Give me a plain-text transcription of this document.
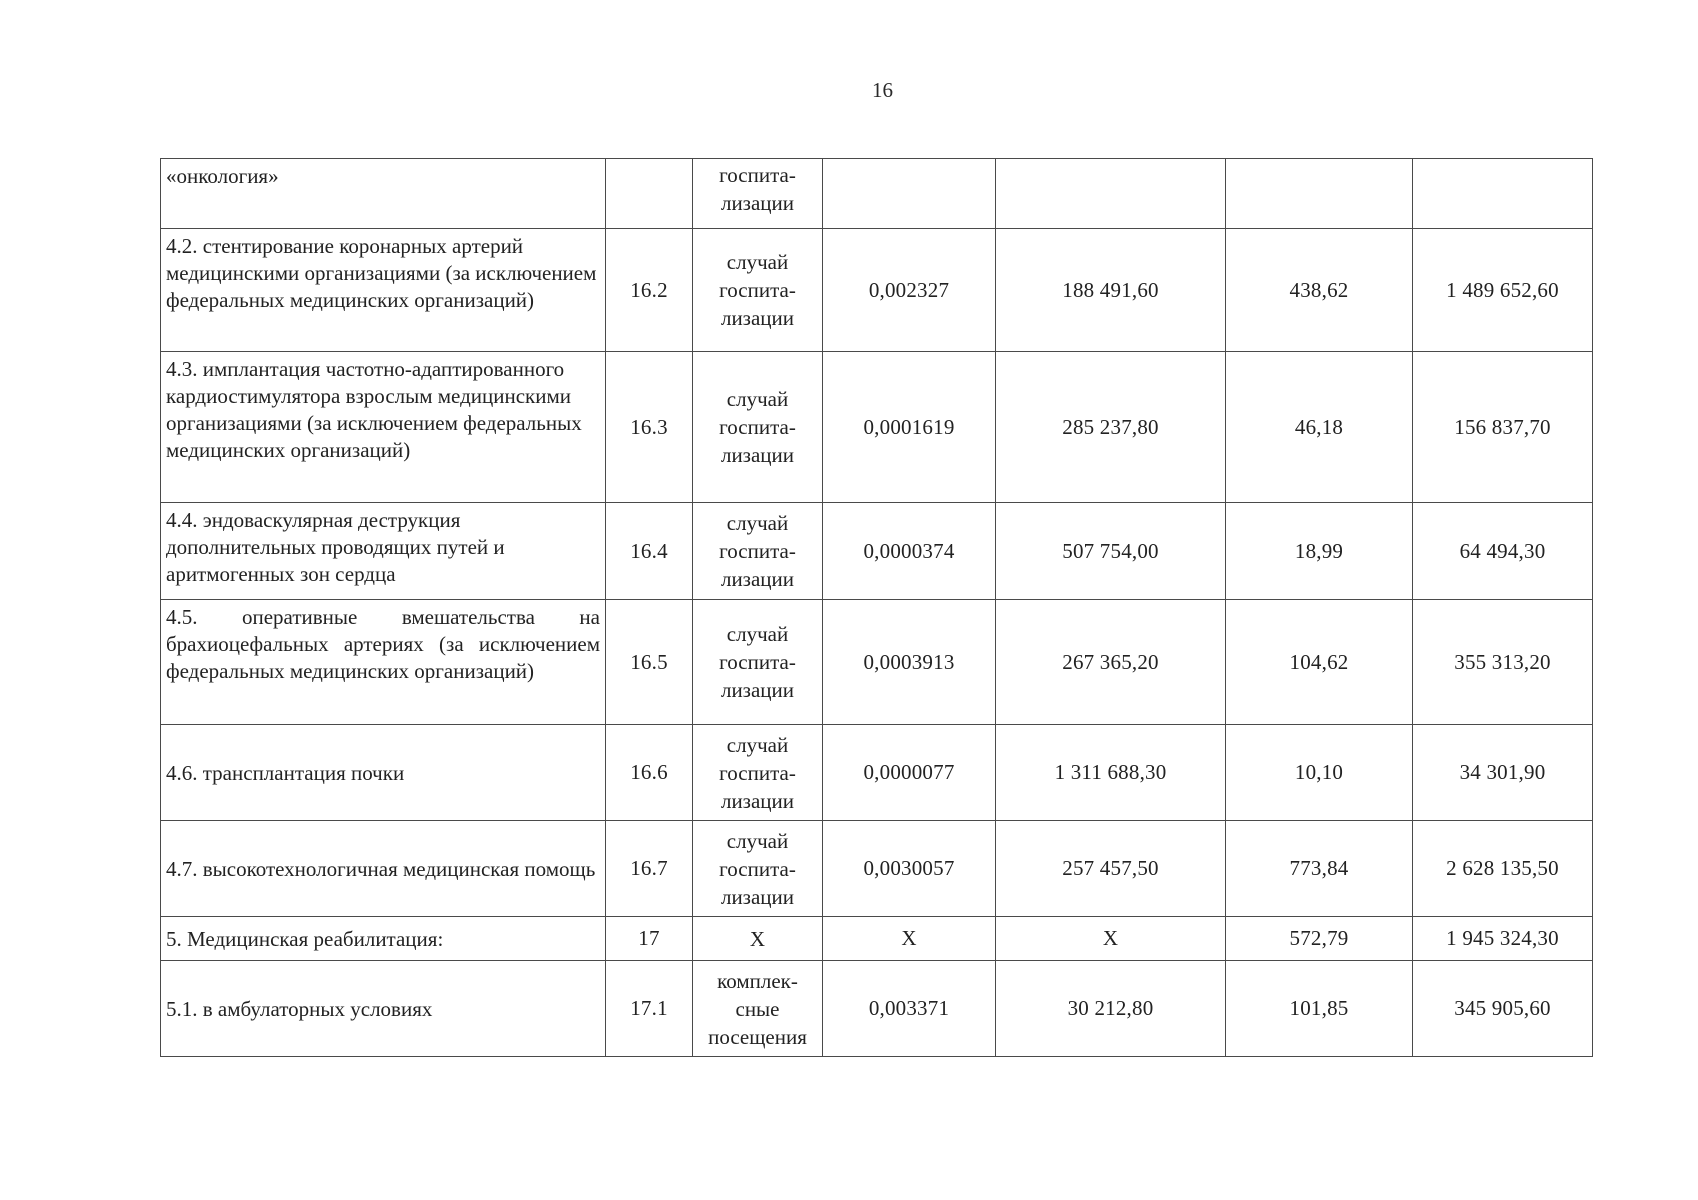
16
«онкология»		госпита-
лизации				
4.2. стентирование коронарных артерий медицинскими организациями (за исключением федеральных медицинских организаций)	16.2	случай
госпита-
лизации	0,002327	188 491,60	438,62	1 489 652,60
4.3. имплантация частотно-адаптированного кардиостимулятора взрослым медицинскими организациями (за исключением федеральных медицинских организаций)	16.3	случай
госпита-
лизации	0,0001619	285 237,80	46,18	156 837,70
4.4. эндоваскулярная деструкция дополнительных проводящих путей и аритмогенных зон сердца	16.4	случай
госпита-
лизации	0,0000374	507 754,00	18,99	64 494,30
4.5. оперативные вмешательства на брахиоцефальных артериях (за исключением федеральных медицинских организаций)	16.5	случай
госпита-
лизации	0,0003913	267 365,20	104,62	355 313,20
4.6. трансплантация почки	16.6	случай
госпита-
лизации	0,0000077	1 311 688,30	10,10	34 301,90
4.7. высокотехнологичная медицинская помощь	16.7	случай
госпита-
лизации	0,0030057	257 457,50	773,84	2 628 135,50
5. Медицинская реабилитация:	17	X	X	X	572,79	1 945 324,30
5.1. в амбулаторных условиях	17.1	комплек-
сные
посещения	0,003371	30 212,80	101,85	345 905,60
